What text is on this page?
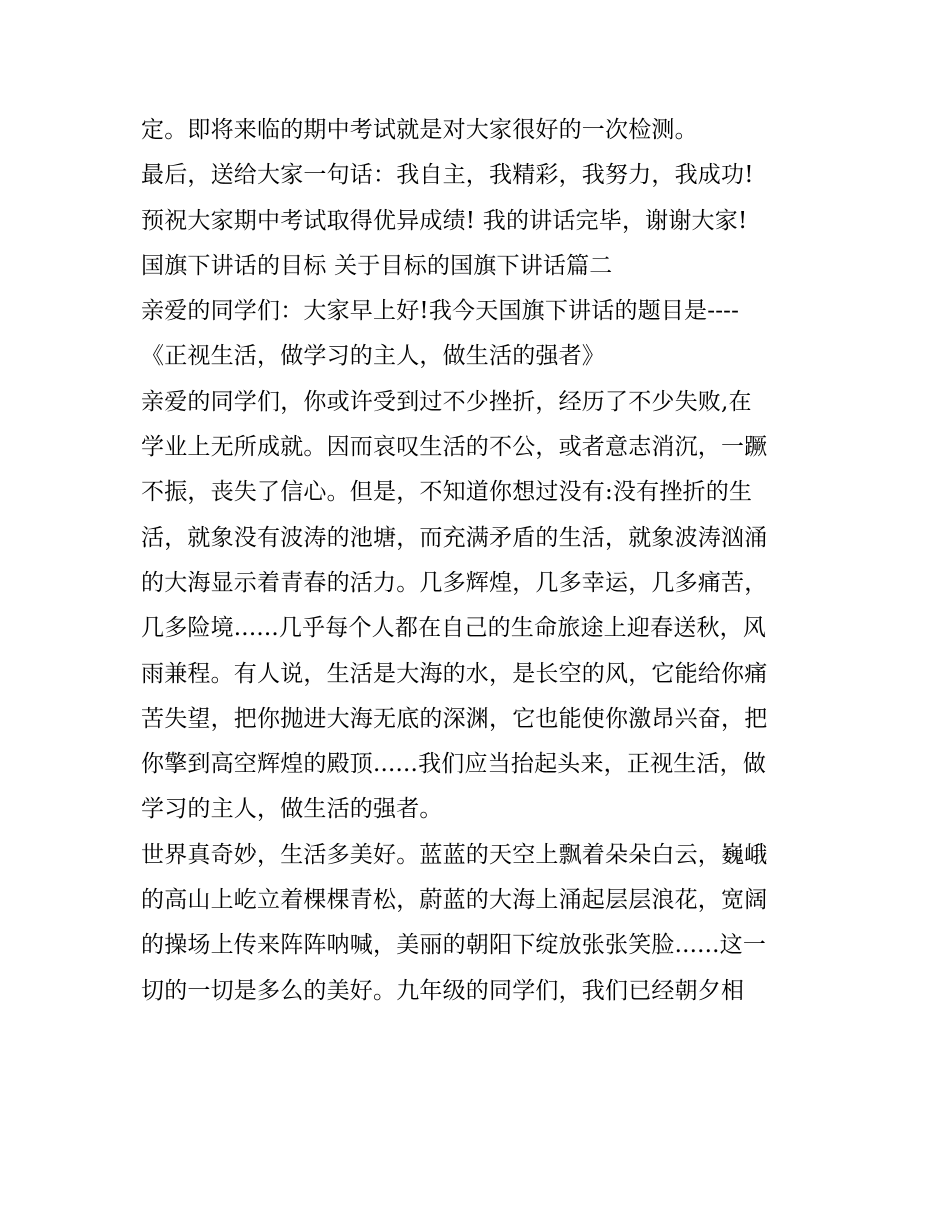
定。即将来临的期中考试就是对大家很好的一次检测。
最后，送给大家一句话：我自主，我精彩，我努力，我成功!
预祝大家期中考试取得优异成绩! 我的讲话完毕，谢谢大家!
国旗下讲话的目标 关于目标的国旗下讲话篇二
亲爱的同学们：大家早上好!我今天国旗下讲话的题目是----
《正视生活，做学习的主人，做生活的强者》
亲爱的同学们，你或许受到过不少挫折，经历了不少失败,在
学业上无所成就。因而哀叹生活的不公，或者意志消沉，一蹶
不振，丧失了信心。但是，不知道你想过没有:没有挫折的生
活，就象没有波涛的池塘，而充满矛盾的生活，就象波涛汹涌
的大海显示着青春的活力。几多辉煌，几多幸运，几多痛苦，
几多险境......几乎每个人都在自己的生命旅途上迎春送秋，风
雨兼程。有人说，生活是大海的水，是长空的风，它能给你痛
苦失望，把你抛进大海无底的深渊，它也能使你激昂兴奋，把
你擎到高空辉煌的殿顶......我们应当抬起头来，正视生活，做
学习的主人，做生活的强者。
世界真奇妙，生活多美好。蓝蓝的天空上飘着朵朵白云，巍峨
的高山上屹立着棵棵青松，蔚蓝的大海上涌起层层浪花，宽阔
的操场上传来阵阵呐喊，美丽的朝阳下绽放张张笑脸......这一
切的一切是多么的美好。九年级的同学们，我们已经朝夕相
